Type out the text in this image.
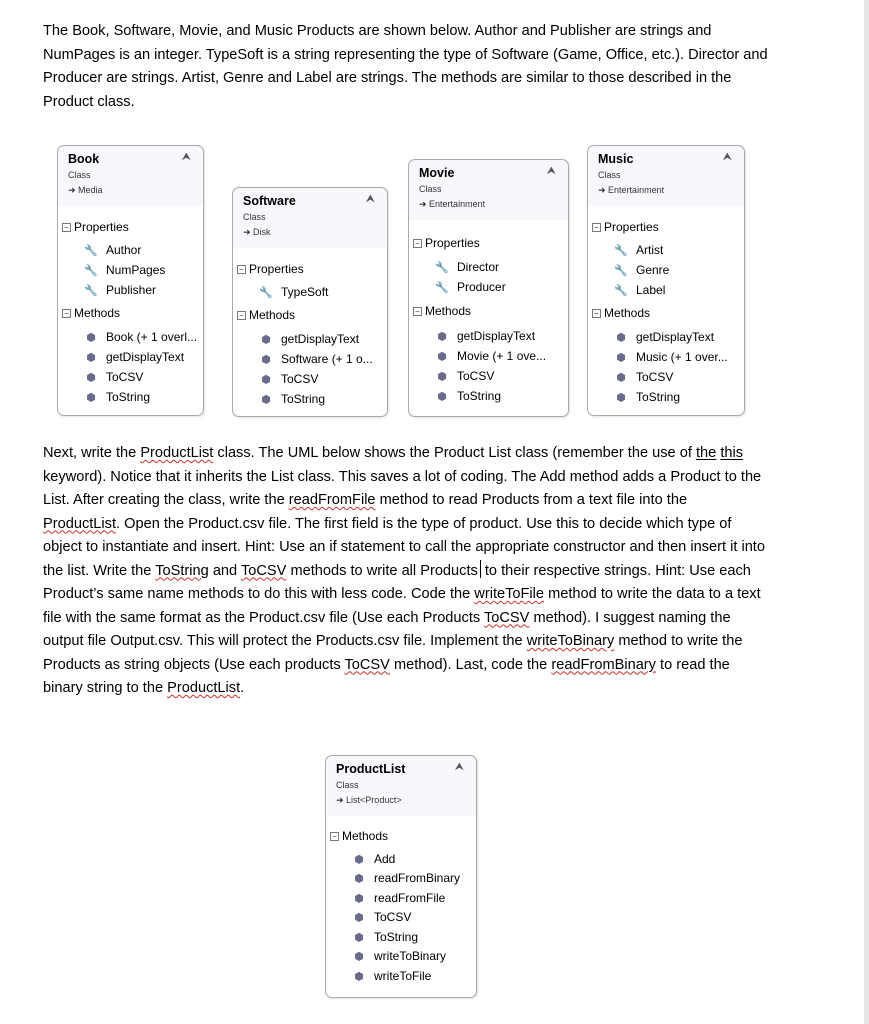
The Book, Software, Movie, and Music Products are shown below. Author and Publisher are strings and NumPages is an integer. TypeSoft is a string representing the type of Software (Game, Office, etc.). Director and Producer are strings. Artist, Genre and Label are strings. The methods are similar to those described in the Product class.

Book	⮝
Class
➜ Media
− Properties
🔧 Author
🔧 NumPages
🔧 Publisher
− Methods
⬢ Book (+ 1 overl...
⬢ getDisplayText
⬢ ToCSV
⬢ ToString
Software	⮝
Class
➜ Disk
− Properties
🔧 TypeSoft
− Methods
⬢ getDisplayText
⬢ Software (+ 1 o...
⬢ ToCSV
⬢ ToString
Movie	⮝
Class
➜ Entertainment
− Properties
🔧 Director
🔧 Producer
− Methods
⬢ getDisplayText
⬢ Movie (+ 1 ove...
⬢ ToCSV
⬢ ToString
Music	⮝
Class
➜ Entertainment
− Properties
🔧 Artist
🔧 Genre
🔧 Label
− Methods
⬢ getDisplayText
⬢ Music (+ 1 over...
⬢ ToCSV
⬢ ToString

Next, write the ProductList class. The UML below shows the Product List class (remember the use of the this keyword). Notice that it inherits the List class. This saves a lot of coding. The Add method adds a Product to the List. After creating the class, write the readFromFile method to read Products from a text file into the ProductList. Open the Product.csv file. The first field is the type of product. Use this to decide which type of object to instantiate and insert. Hint: Use an if statement to call the appropriate constructor and then insert it into the list. Write the ToString and ToCSV methods to write all Products to their respective strings. Hint: Use each Product’s same name methods to do this with less code. Code the writeToFile method to write the data to a text file with the same format as the Product.csv file (Use each Products ToCSV method). I suggest naming the output file Output.csv. This will protect the Products.csv file. Implement the writeToBinary method to write the Products as string objects (Use each products ToCSV method). Last, code the readFromBinary to read the binary string to the ProductList.

ProductList	⮝
Class
➜ List<Product>
− Methods
⬢ Add
⬢ readFromBinary
⬢ readFromFile
⬢ ToCSV
⬢ ToString
⬢ writeToBinary
⬢ writeToFile
